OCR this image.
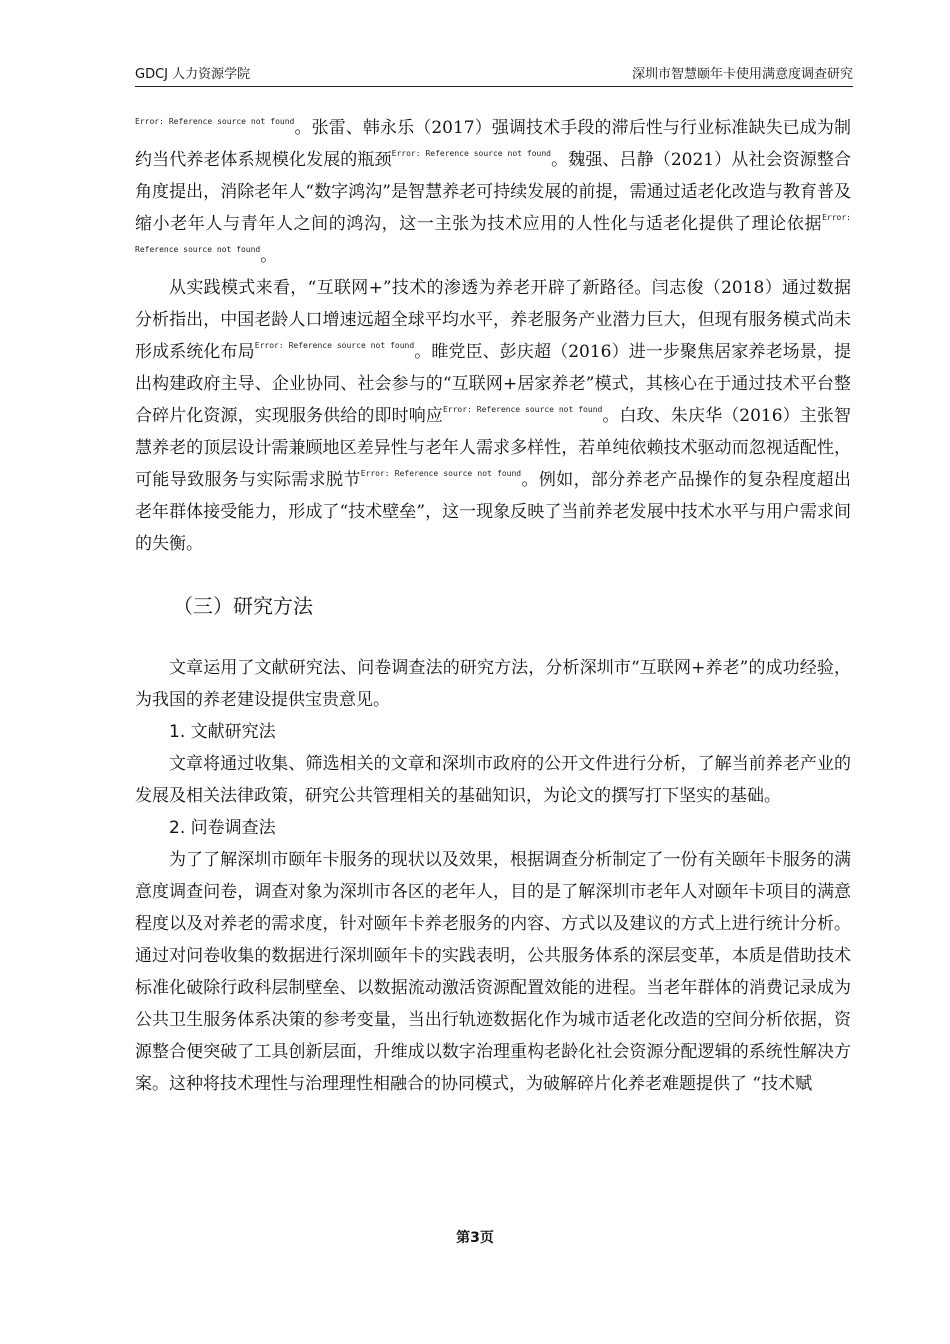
GDCJ 人力资源学院	深圳市智慧颐年卡使用满意度调查研究

$^{Error: Reference source not found}$。张雷、韩永乐（2017）强调技术手段的滞后性与行业标准缺失已成为制约当代养老体系规模化发展的瓶颈$^{Error: Reference source not found}$。魏强、吕静（2021）从社会资源整合角度提出，消除老年人“数字鸿沟”是智慧养老可持续发展的前提，需通过适老化改造与教育普及缩小老年人与青年人之间的鸿沟，这一主张为技术应用的人性化与适老化提供了理论依据$^{Error: Reference source not found}$。

从实践模式来看，“互联网+”技术的渗透为养老开辟了新路径。闫志俊（2018）通过数据分析指出，中国老龄人口增速远超全球平均水平，养老服务产业潜力巨大，但现有服务模式尚未形成系统化布局$^{Error: Reference source not found}$。睢党臣、彭庆超（2016）进一步聚焦居家养老场景，提出构建政府主导、企业协同、社会参与的“互联网+居家养老”模式，其核心在于通过技术平台整合碎片化资源，实现服务供给的即时响应$^{Error: Reference source not found}$。白玫、朱庆华（2016）主张智慧养老的顶层设计需兼顾地区差异性与老年人需求多样性，若单纯依赖技术驱动而忽视适配性，可能导致服务与实际需求脱节$^{Error: Reference source not found}$。例如，部分养老产品操作的复杂程度超出老年群体接受能力，形成了“技术壁垒”，这一现象反映了当前养老发展中技术水平与用户需求间的失衡。

（三）研究方法

文章运用了文献研究法、问卷调查法的研究方法，分析深圳市“互联网+养老”的成功经验，为我国的养老建设提供宝贵意见。

1. 文献研究法

文章将通过收集、筛选相关的文章和深圳市政府的公开文件进行分析，了解当前养老产业的发展及相关法律政策，研究公共管理相关的基础知识，为论文的撰写打下坚实的基础。

2. 问卷调查法

为了了解深圳市颐年卡服务的现状以及效果，根据调查分析制定了一份有关颐年卡服务的满意度调查问卷，调查对象为深圳市各区的老年人，目的是了解深圳市老年人对颐年卡项目的满意程度以及对养老的需求度，针对颐年卡养老服务的内容、方式以及建议的方式上进行统计分析。通过对问卷收集的数据进行深圳颐年卡的实践表明，公共服务体系的深层变革，本质是借助技术标准化破除行政科层制壁垒、以数据流动激活资源配置效能的进程。当老年群体的消费记录成为公共卫生服务体系决策的参考变量，当出行轨迹数据化作为城市适老化改造的空间分析依据，资源整合便突破了工具创新层面，升维成以数字治理重构老龄化社会资源分配逻辑的系统性解决方案。这种将技术理性与治理理性相融合的协同模式，为破解碎片化养老难题提供了 “技术赋

第3页
